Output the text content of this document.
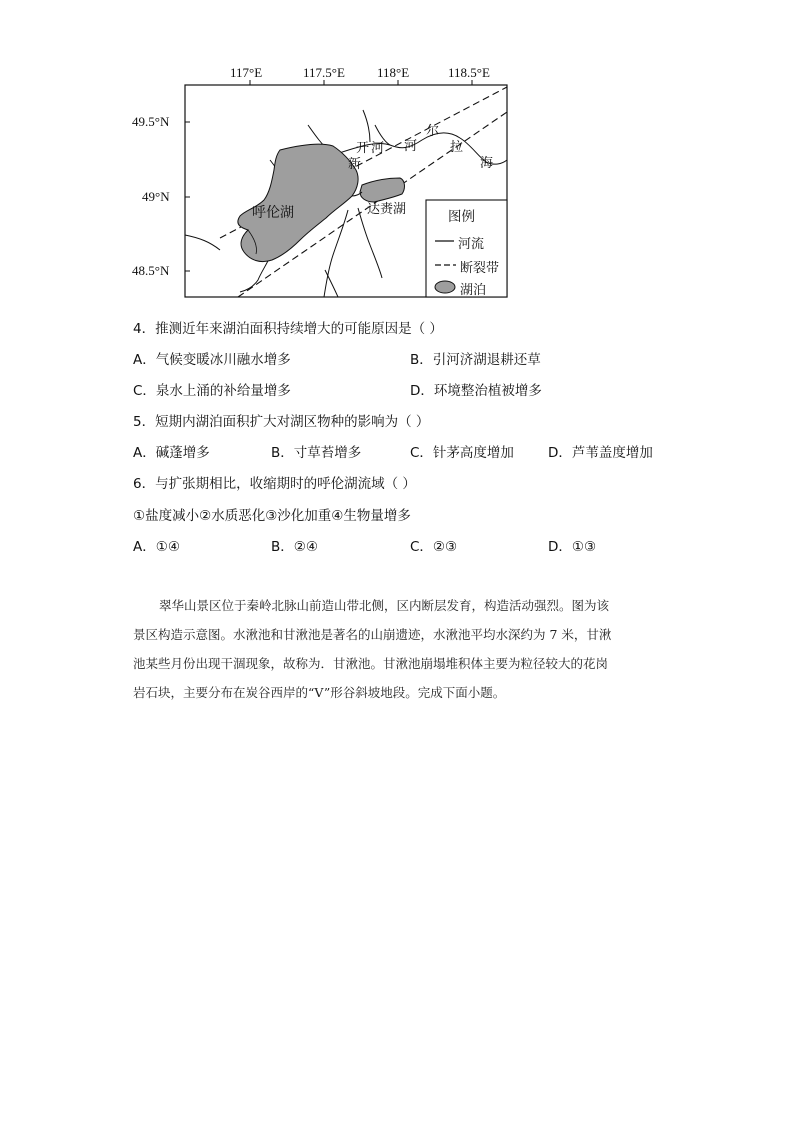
117°E	117.5°E 118°E	118.5°E
49.5°N
49°N
48.5°N
呼伦湖	达赉湖
新
开 河 河
尔
拉
海
图例
河流
断裂带
湖泊
4．推测近年来湖泊面积持续增大的可能原因是（ ）
A．气候变暖冰川融水增多	B．引河济湖退耕还草
C．泉水上涌的补给量增多	D．环境整治植被增多
5．短期内湖泊面积扩大对湖区物种的影响为（ ）
A．碱蓬增多	B．寸草苔增多	C．针茅高度增加	D．芦苇盖度增加
6．与扩张期相比，收缩期时的呼伦湖流域（ ）
①盐度减小②水质恶化③沙化加重④生物量增多
A．①④	B．②④	C．②③	D．①③
翠华山景区位于秦岭北脉山前造山带北侧，区内断层发育，构造活动强烈。图为该
景区构造示意图。水湫池和甘湫池是著名的山崩遗迹，水湫池平均水深约为 7 米，甘湫
池某些月份出现干涸现象，故称为．甘湫池。甘湫池崩塌堆积体主要为粒径较大的花岗
岩石块，主要分布在炭谷西岸的“V”形谷斜坡地段。完成下面小题。
